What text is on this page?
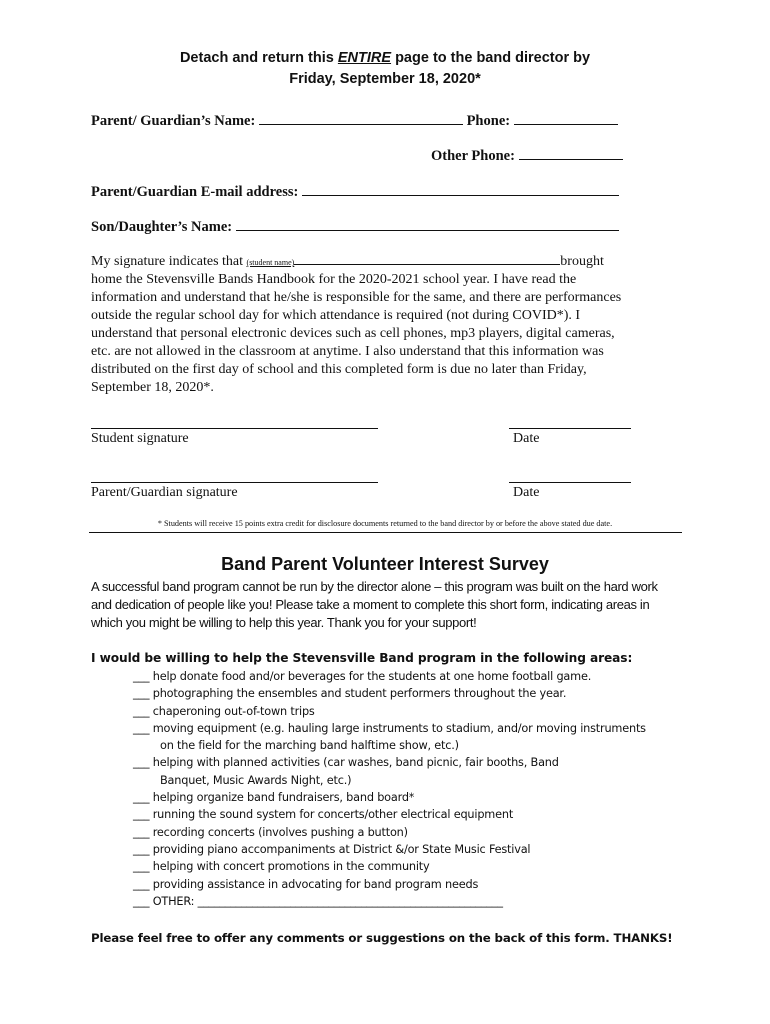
Detach and return this ENTIRE page to the band director by
Friday, September 18, 2020*
Parent/ Guardian’s Name:	Phone:
Other Phone:
Parent/Guardian E-mail address:
Son/Daughter’s Name:
My signature indicates that (student name)	brought
home the Stevensville Bands Handbook for the 2020-2021 school year. I have read the
information and understand that he/she is responsible for the same, and there are performances
outside the regular school day for which attendance is required (not during COVID*). I
understand that personal electronic devices such as cell phones, mp3 players, digital cameras,
etc. are not allowed in the classroom at anytime. I also understand that this information was
distributed on the first day of school and this completed form is due no later than Friday,
September 18, 2020*.
Student signature	Date
Parent/Guardian signature	Date
* Students will receive 15 points extra credit for disclosure documents returned to the band director by or before the above stated due date.
Band Parent Volunteer Interest Survey
A successful band program cannot be run by the director alone – this program was built on the hard work
and dedication of people like you! Please take a moment to complete this short form, indicating areas in
which you might be willing to help this year. Thank you for your support!
I would be willing to help the Stevensville Band program in the following areas:
___ help donate food and/or beverages for the students at one home football game.
___ photographing the ensembles and student performers throughout the year.
___ chaperoning out-of-town trips
___ moving equipment (e.g. hauling large instruments to stadium, and/or moving instruments
on the field for the marching band halftime show, etc.)
___ helping with planned activities (car washes, band picnic, fair booths, Band
Banquet, Music Awards Night, etc.)
___ helping organize band fundraisers, band board*
___ running the sound system for concerts/other electrical equipment
___ recording concerts (involves pushing a button)
___ providing piano accompaniments at District &/or State Music Festival
___ helping with concert promotions in the community
___ providing assistance in advocating for band program needs
___ OTHER: ________________________________________________________
Please feel free to offer any comments or suggestions on the back of this form. THANKS!
